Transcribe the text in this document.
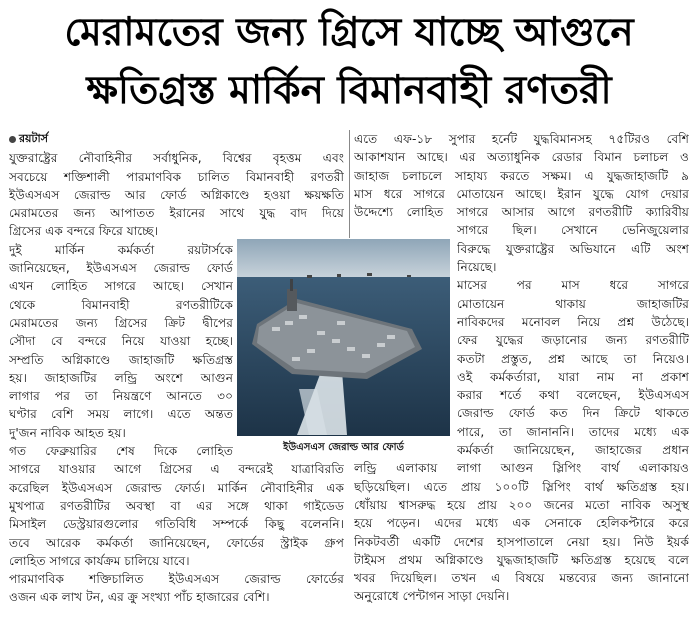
মেরামতের জন্য গ্রিসে যাচ্ছে আগুনে
ক্ষতিগ্রস্ত মার্কিন বিমানবাহী রণতরী
রয়টার্স
যুক্তরাষ্ট্রের নৌবাহিনীর সর্বাধুনিক, বিশ্বের বৃহত্তম এবং
সবচেয়ে শক্তিশালী পারমাণবিক চালিত বিমানবাহী রণতরী
ইউএসএস জেরাল্ড আর ফোর্ড অগ্নিকাণ্ডে হওয়া ক্ষয়ক্ষতি
মেরামতের জন্য আপাতত ইরানের সাথে যুদ্ধ বাদ দিয়ে
গ্রিসের এক বন্দরে ফিরে যাচ্ছে।
দুই মার্কিন কর্মকর্তা রয়টার্সকে
জানিয়েছেন, ইউএসএস জেরাল্ড ফোর্ড
এখন লোহিত সাগরে আছে। সেখান
থেকে বিমানবাহী রণতরীটিকে
মেরামতের জন্য গ্রিসের ক্রিট দ্বীপের
সৌদা বে বন্দরে নিয়ে যাওয়া হচ্ছে।
সম্প্রতি অগ্নিকাণ্ডে জাহাজটি ক্ষতিগ্রস্ত
হয়। জাহাজটির লন্ড্রি অংশে আগুন
লাগার পর তা নিয়ন্ত্রণে আনতে ৩০
ঘণ্টার বেশি সময় লাগে। এতে অন্তত
দু'জন নাবিক আহত হয়।
গত ফেব্রুয়ারির শেষ দিকে লোহিত
সাগরে যাওয়ার আগে গ্রিসের এ বন্দরেই যাত্রাবিরতি
করেছিল ইউএসএস জেরাল্ড ফোর্ড। মার্কিন নৌবাহিনীর এক
মুখপাত্র রণতরীটির অবস্থা বা এর সঙ্গে থাকা গাইডেড
মিসাইল ডেস্ট্রয়ারগুলোর গতিবিধি সম্পর্কে কিছু বলেননি।
তবে আরেক কর্মকর্তা জানিয়েছেন, ফোর্ডের স্ট্রাইক গ্রুপ
লোহিত সাগরে কার্যক্রম চালিয়ে যাবে।
পারমাণবিক শক্তিচালিত ইউএসএস জেরাল্ড ফোর্ডের
ওজন এক লাখ টন, এর ক্রু সংখ্যা পাঁচ হাজারের বেশি।
এতে এফ-১৮ সুপার হর্নেট যুদ্ধবিমানসহ ৭৫টিরও বেশি
আকাশযান আছে। এর অত্যাধুনিক রেডার বিমান চলাচল ও
জাহাজ চলাচলে সাহায্য করতে সক্ষম। এ যুদ্ধজাহাজটি ৯
মাস ধরে সাগরে মোতায়েন আছে। ইরান যুদ্ধে যোগ দেয়ার
উদ্দেশ্যে লোহিত সাগরে আসার আগে রণতরীটি ক্যারিবীয়
সাগরে ছিল। সেখানে ভেনিজুয়েলার
বিরুদ্ধে যুক্তরাষ্ট্রের অভিযানে এটি অংশ
নিয়েছে।
মাসের পর মাস ধরে সাগরে
মোতায়েন থাকায় জাহাজটির
নাবিকদের মনোবল নিয়ে প্রশ্ন উঠেছে।
ফের যুদ্ধের জড়ানোর জন্য রণতরীটি
কতটা প্রস্তুত, প্রশ্ন আছে তা নিয়েও।
ওই কর্মকর্তারা, যারা নাম না প্রকাশ
করার শর্তে কথা বলেছেন, ইউএসএস
জেরাল্ড ফোর্ড কত দিন ক্রিটে থাকতে
পারে, তা জানাননি। তাদের মধ্যে এক
কর্মকর্তা জানিয়েছেন, জাহাজের প্রধান
লন্ড্রি এলাকায় লাগা আগুন স্লিপিং বার্থ এলাকায়ও
ছড়িয়েছিল। এতে প্রায় ১০০টি স্লিপিং বার্থ ক্ষতিগ্রস্ত হয়।
ধোঁয়ায় শ্বাসরুদ্ধ হয়ে প্রায় ২০০ জনের মতো নাবিক অসুস্থ
হয়ে পড়েন। এদের মধ্যে এক সেনাকে হেলিকপ্টারে করে
নিকটবর্তী একটি দেশের হাসপাতালে নেয়া হয়। নিউ ইয়র্ক
টাইমস প্রথম অগ্নিকাণ্ডে যুদ্ধজাহাজটি ক্ষতিগ্রস্ত হয়েছে বলে
খবর দিয়েছিল। তখন এ বিষয়ে মন্তব্যের জন্য জানানো
অনুরোধে পেন্টাগন সাড়া দেয়নি।
ইউএসএস জেরাল্ড আর ফোর্ড
